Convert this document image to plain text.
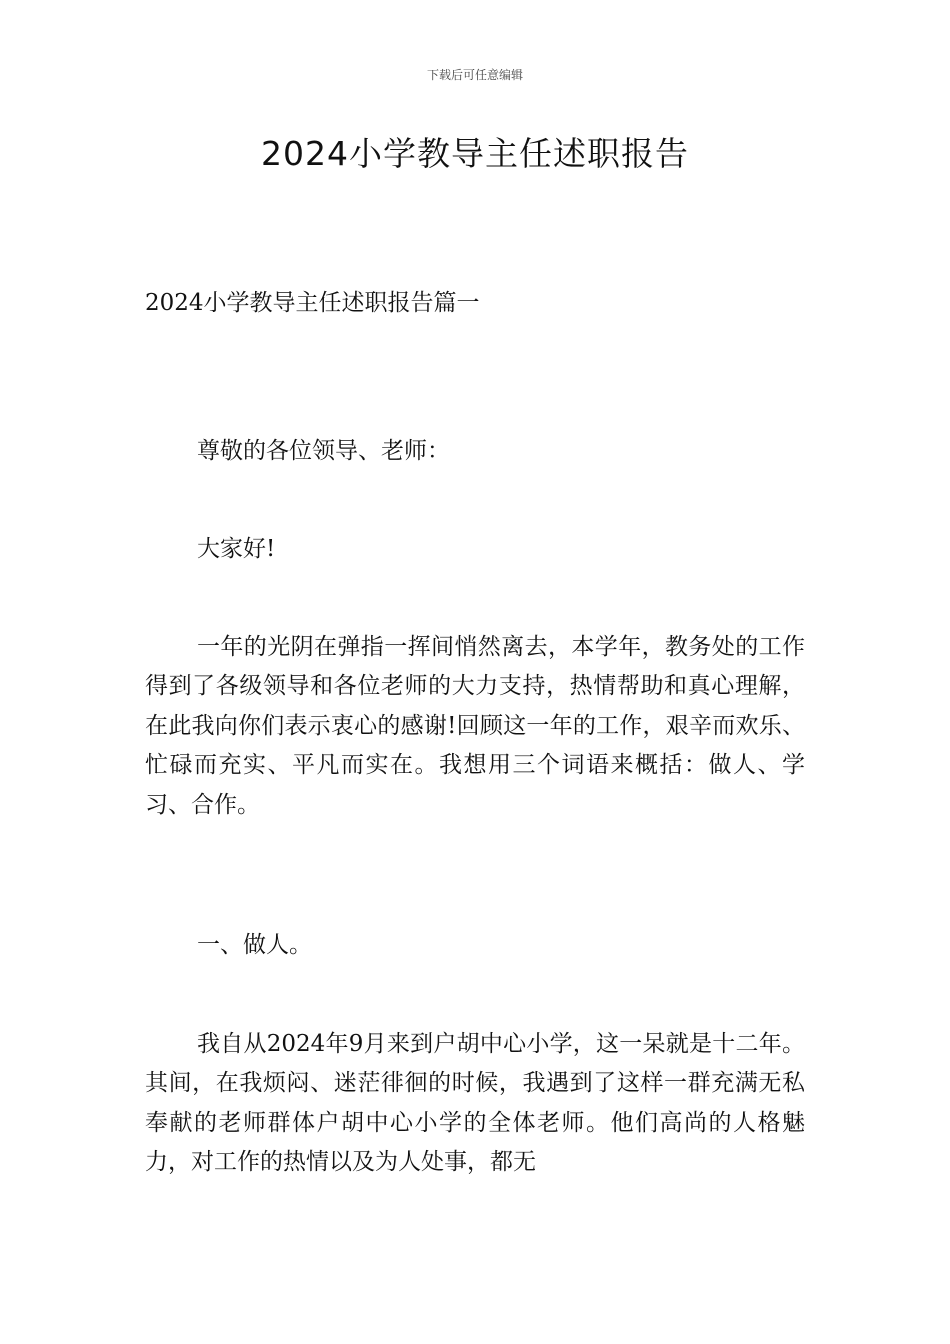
下载后可任意编辑
2024小学教导主任述职报告
2024小学教导主任述职报告篇一
尊敬的各位领导、老师：
大家好!
一年的光阴在弹指一挥间悄然离去，本学年，教务处的工作得到了各级领导和各位老师的大力支持，热情帮助和真心理解，在此我向你们表示衷心的感谢!回顾这一年的工作，艰辛而欢乐、忙碌而充实、平凡而实在。我想用三个词语来概括：做人、学习、合作。
一、做人。
我自从2024年9月来到户胡中心小学，这一呆就是十二年。其间，在我烦闷、迷茫徘徊的时候，我遇到了这样一群充满无私奉献的老师群体户胡中心小学的全体老师。他们高尚的人格魅力，对工作的热情以及为人处事，都无
